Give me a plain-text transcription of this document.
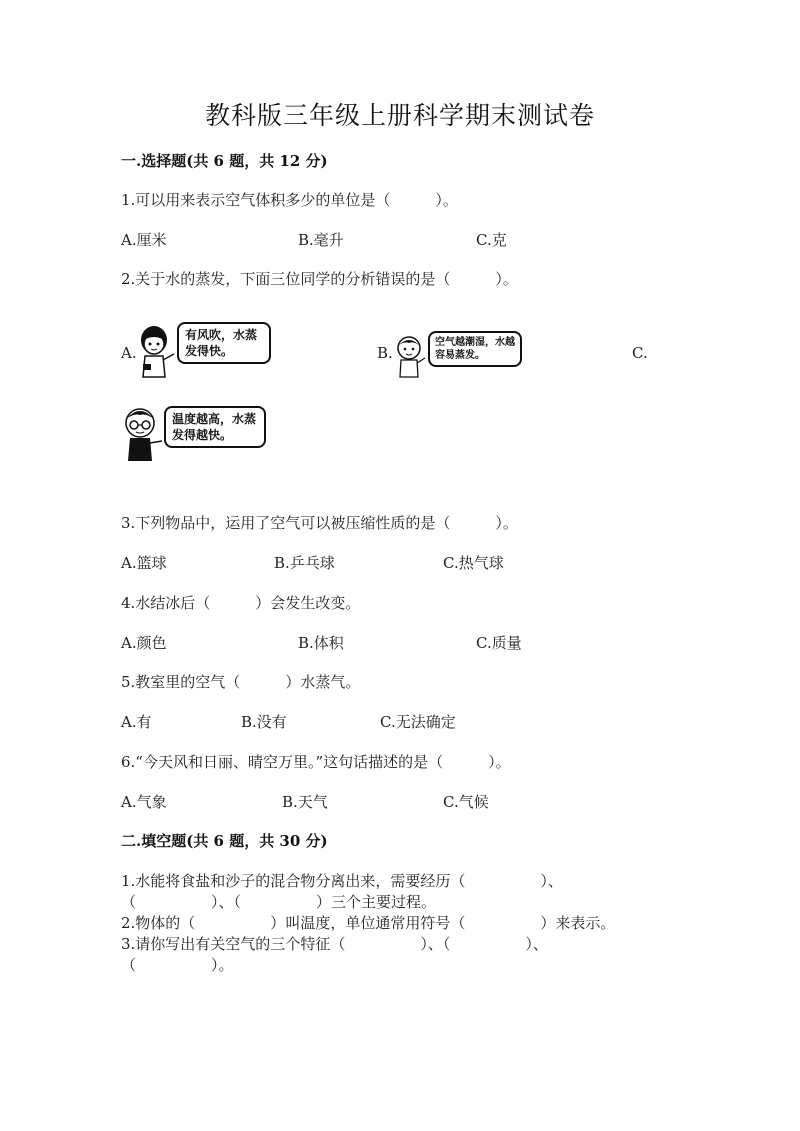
教科版三年级上册科学期末测试卷
一.选择题(共 6 题，共 12 分)
1.可以用来表示空气体积多少的单位是（　　　）。
A.厘米	B.毫升	C.克
2.关于水的蒸发，下面三位同学的分析错误的是（　　　）。
A.
有风吹，水蒸发得快。	B.
空气越潮湿，水越容易蒸发。	C.
温度越高，水蒸发得越快。
3.下列物品中，运用了空气可以被压缩性质的是（　　　）。
A.篮球	B.乒乓球	C.热气球
4.水结冰后（　　　）会发生改变。
A.颜色	B.体积	C.质量
5.教室里的空气（　　　）水蒸气。
A.有	B.没有	C.无法确定
6.“今天风和日丽、晴空万里。”这句话描述的是（　　　）。
A.气象	B.天气	C.气候
二.填空题(共 6 题，共 30 分)
1.水能将食盐和沙子的混合物分离出来，需要经历（　　　　　）、
（　　　　　）、（　　　　　）三个主要过程。
2.物体的（　　　　　）叫温度，单位通常用符号（　　　　　）来表示。
3.请你写出有关空气的三个特征（　　　　　）、（　　　　　）、
（　　　　　）。
